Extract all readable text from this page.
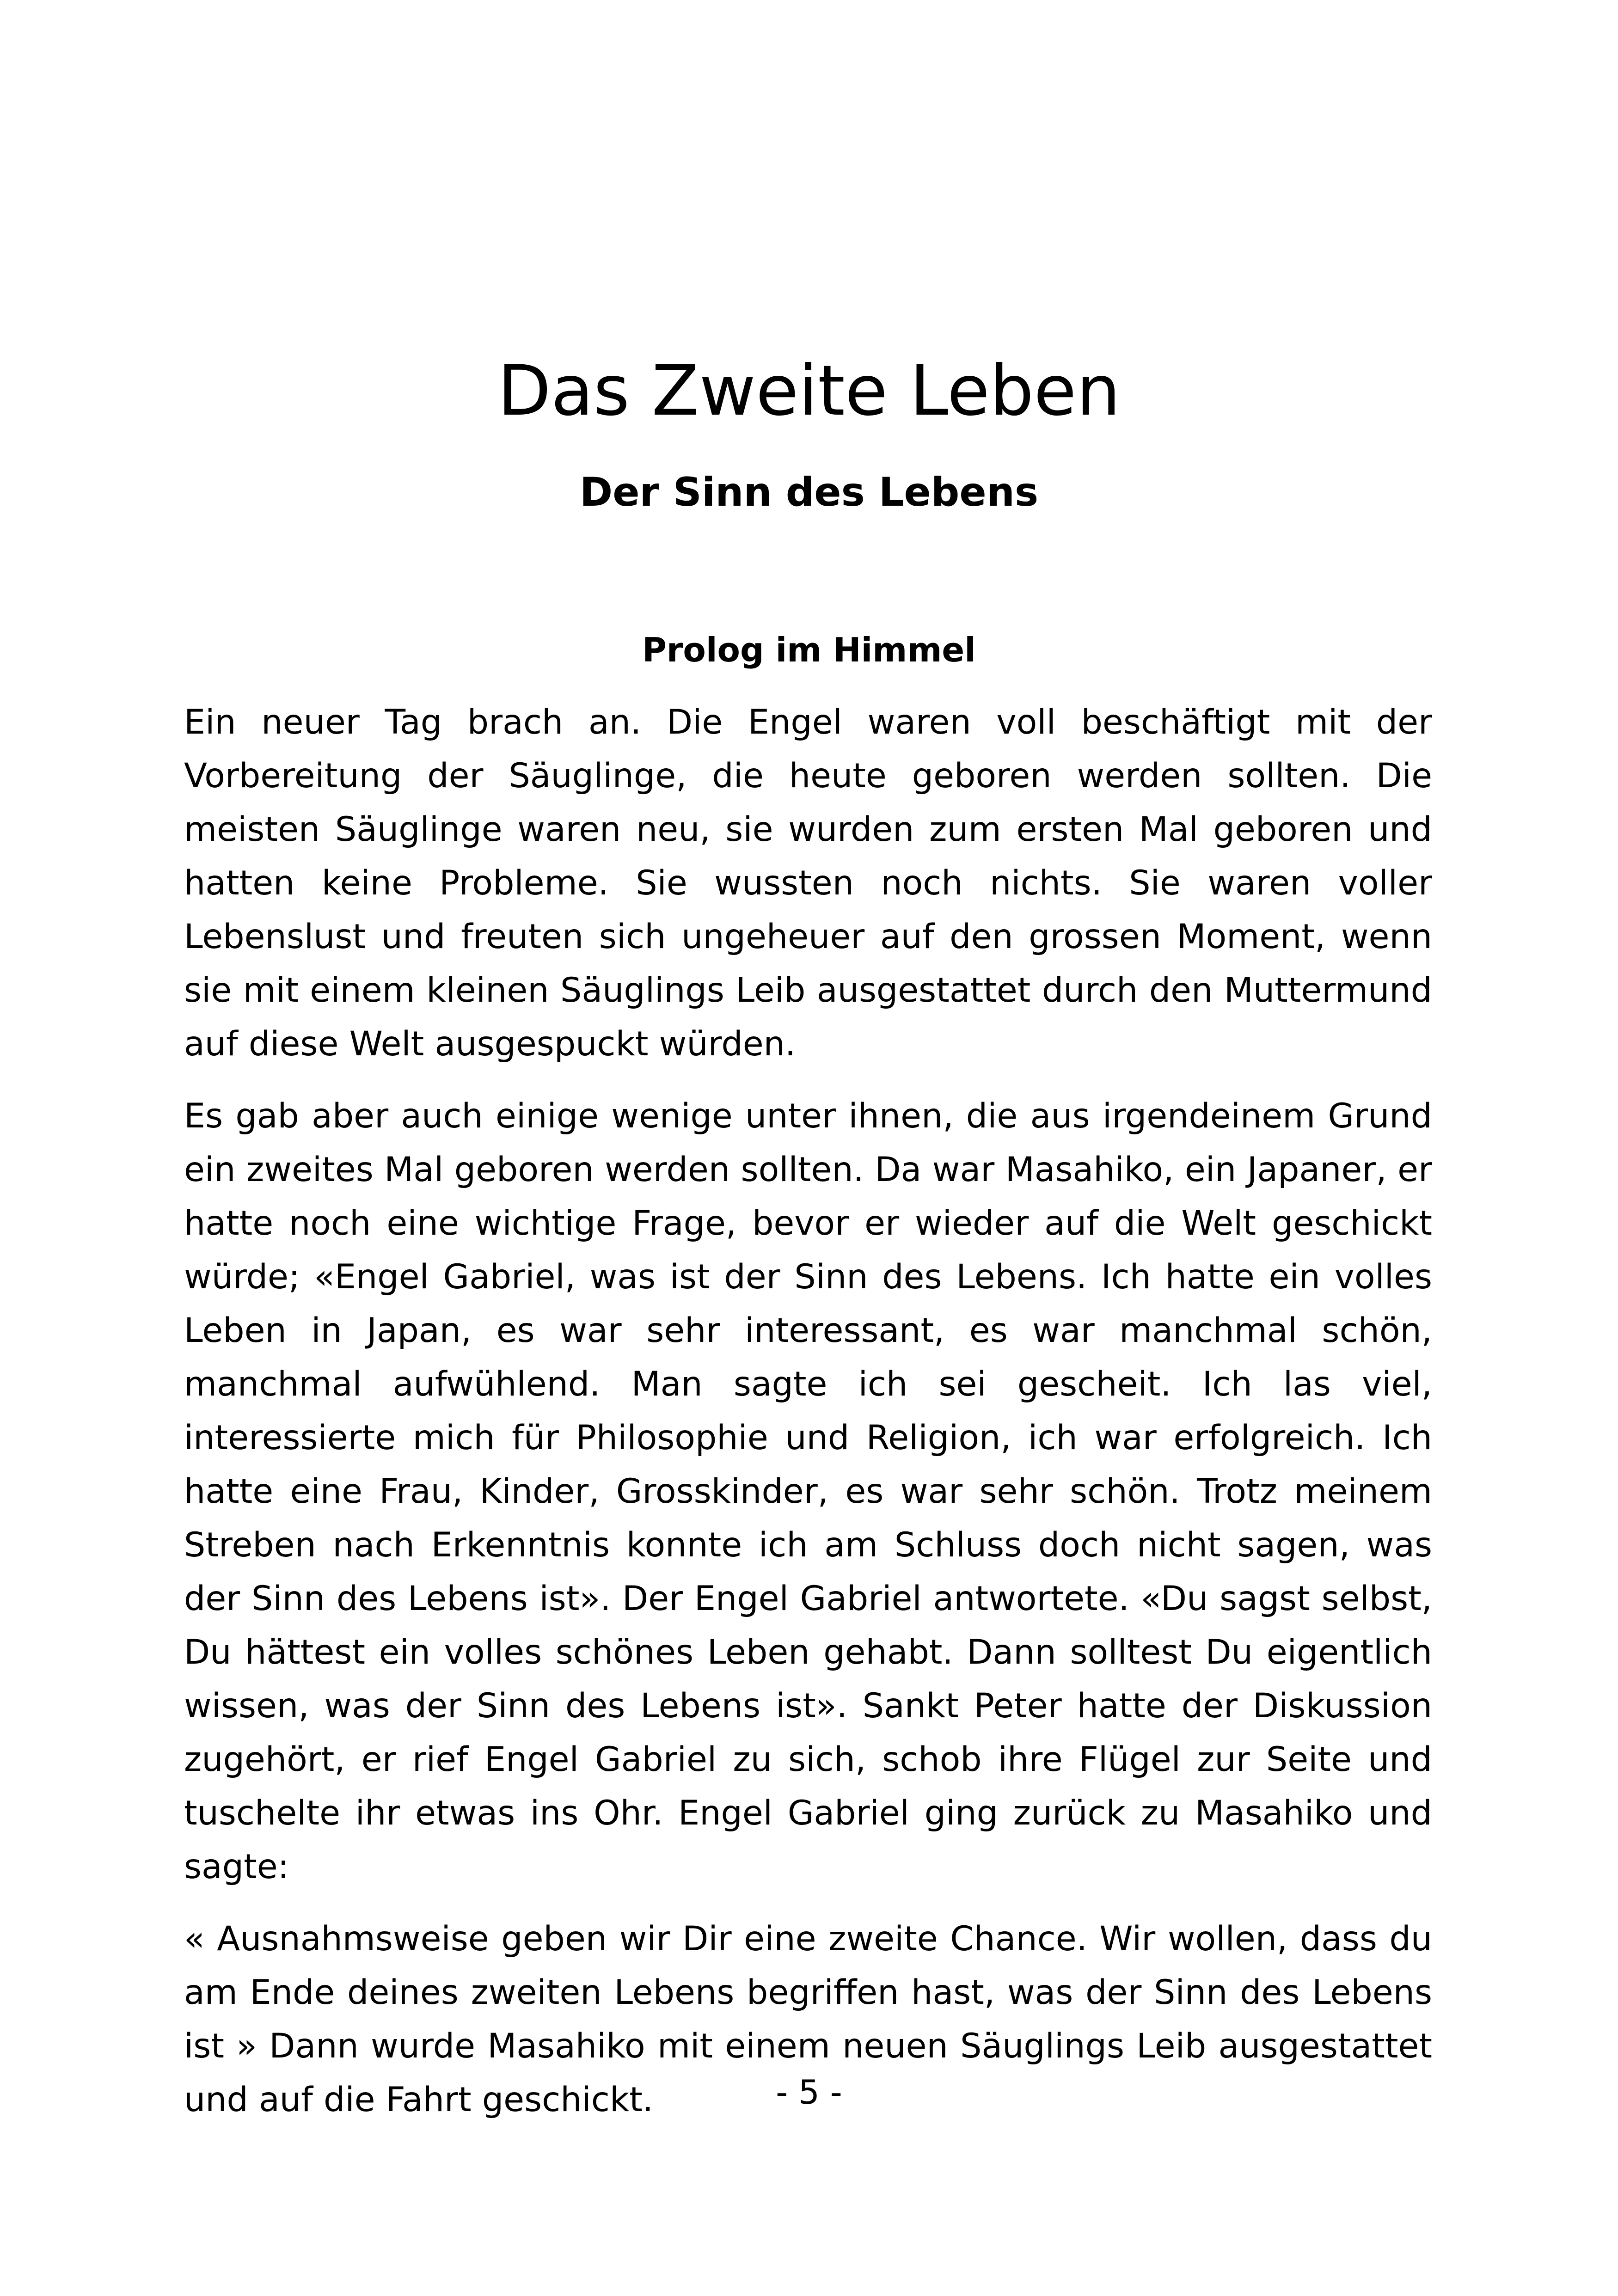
Das Zweite Leben
Der Sinn des Lebens
Prolog im Himmel

Ein neuer Tag brach an. Die Engel waren voll beschäftigt mit der Vorbereitung der Säuglinge, die heute geboren werden sollten. Die meisten Säuglinge waren neu, sie wurden zum ersten Mal geboren und hatten keine Probleme. Sie wussten noch nichts. Sie waren voller Lebenslust und freuten sich ungeheuer auf den grossen Moment, wenn sie mit einem kleinen Säuglings Leib ausgestattet durch den Muttermund auf diese Welt ausgespuckt würden.

Es gab aber auch einige wenige unter ihnen, die aus irgendeinem Grund ein zweites Mal geboren werden sollten. Da war Masahiko, ein Japaner, er hatte noch eine wichtige Frage, bevor er wieder auf die Welt geschickt würde; «Engel Gabriel, was ist der Sinn des Lebens. Ich hatte ein volles Leben in Japan, es war sehr interessant, es war manchmal schön, manchmal aufwühlend. Man sagte ich sei gescheit. Ich las viel, interessierte mich für Philosophie und Religion, ich war erfolgreich. Ich hatte eine Frau, Kinder, Grosskinder, es war sehr schön. Trotz meinem Streben nach Erkenntnis konnte ich am Schluss doch nicht sagen, was der Sinn des Lebens ist». Der Engel Gabriel antwortete. «Du sagst selbst, Du hättest ein volles schönes Leben gehabt. Dann solltest Du eigentlich wissen, was der Sinn des Lebens ist». Sankt Peter hatte der Diskussion zugehört, er rief Engel Gabriel zu sich, schob ihre Flügel zur Seite und tuschelte ihr etwas ins Ohr. Engel Gabriel ging zurück zu Masahiko und sagte:

« Ausnahmsweise geben wir Dir eine zweite Chance. Wir wollen, dass du am Ende deines zweiten Lebens begriffen hast, was der Sinn des Lebens ist » Dann wurde Masahiko mit einem neuen Säuglings Leib ausgestattet und auf die Fahrt geschickt.	- 5 -
